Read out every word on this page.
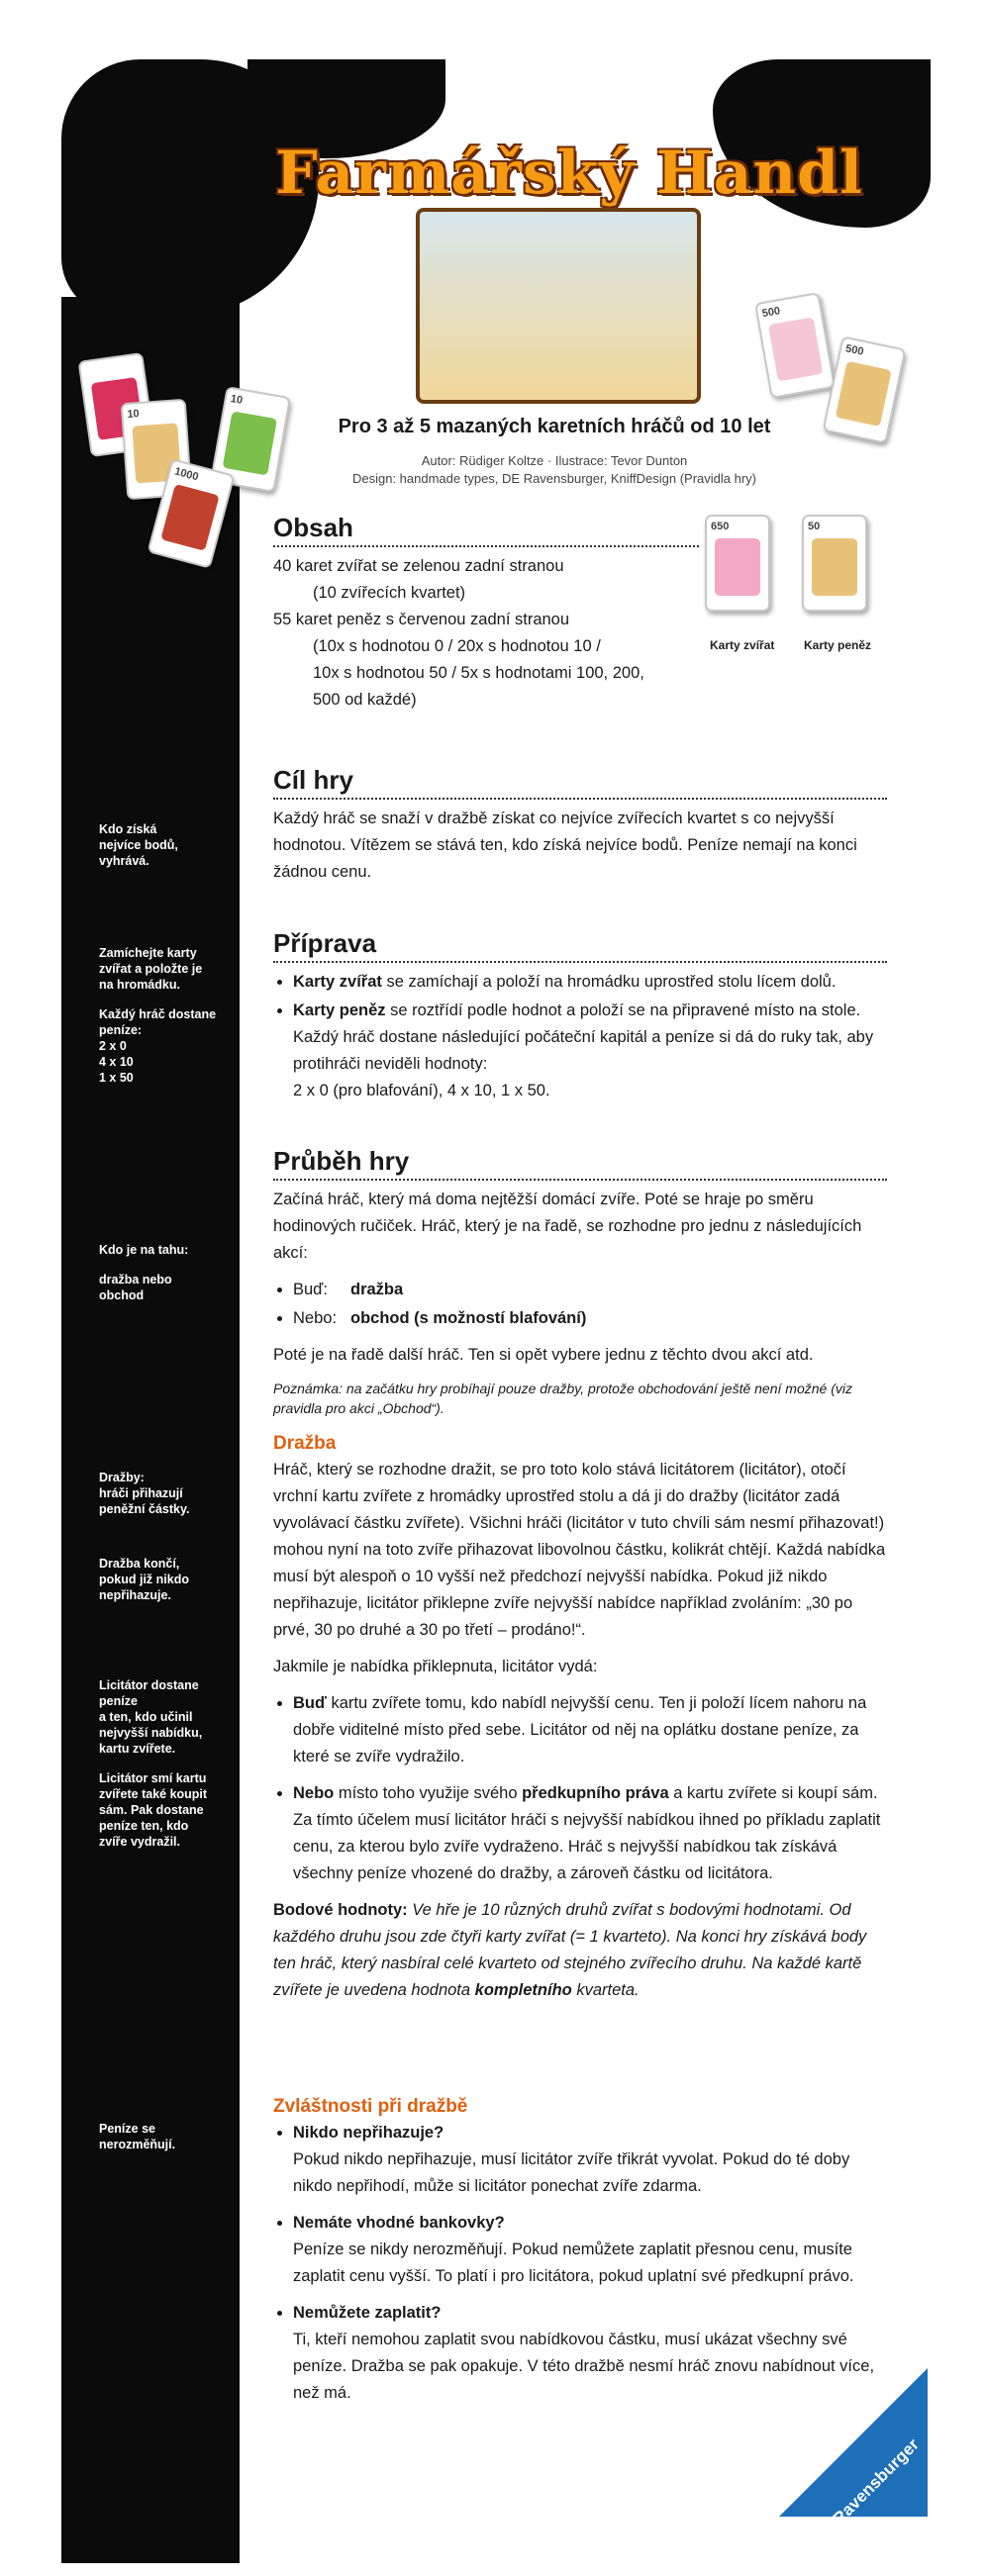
Farmářský Handl
500
500
10
10
1000
Pro 3 až 5 mazaných karetních hráčů od 10 let
Autor: Rüdiger Koltze · Ilustrace: Tevor Dunton
Design: handmade types, DE Ravensburger, KniffDesign (Pravidla hry)
650	50
Karty zvířat Karty peněz

Kdo získá
nejvíce bodů,
vyhrává.

Zamíchejte karty
zvířat a položte je
na hromádku.

Každý hráč dostane
peníze:
2 x 0
4 x 10
1 x 50

Kdo je na tahu:

dražba nebo
obchod

Dražby:
hráči přihazují
peněžní částky.

Dražba končí,
pokud již nikdo
nepřihazuje.

Licitátor dostane
peníze
a ten, kdo učinil
nejvyšší nabídku,
kartu zvířete.

Licitátor smí kartu
zvířete také koupit
sám. Pak dostane
peníze ten, kdo
zvíře vydražil.

Peníze se
nerozměňují.

Obsah
40 karet zvířat se zelenou zadní stranou
(10 zvířecích kvartet)
55 karet peněz s červenou zadní stranou
(10x s hodnotou 0 / 20x s hodnotou 10 /
10x s hodnotou 50 / 5x s hodnotami 100, 200,
500 od každé)
Cíl hry

Každý hráč se snaží v dražbě získat co nejvíce zvířecích kvartet s co nejvyšší hodnotou. Vítězem se stává ten, kdo získá nejvíce bodů. Peníze nemají na konci žádnou cenu.

Příprava
• Karty zvířat se zamíchají a položí na hromádku uprostřed stolu lícem dolů.
• Karty peněz se roztřídí podle hodnot a položí se na připravené místo na stole. Každý hráč dostane následující počáteční kapitál a peníze si dá do ruky tak, aby protihráči neviděli hodnoty:
2 x 0 (pro blafování), 4 x 10, 1 x 50.
Průběh hry

Začíná hráč, který má doma nejtěžší domácí zvíře. Poté se hraje po směru hodinových ručiček. Hráč, který je na řadě, se rozhodne pro jednu z následujících akcí:

• Buď: dražba
• Nebo: obchod (s možností blafování)

Poté je na řadě další hráč. Ten si opět vybere jednu z těchto dvou akcí atd.

Poznámka: na začátku hry probíhají pouze dražby, protože obchodování ještě není možné (viz pravidla pro akci „Obchod“).

Dražba

Hráč, který se rozhodne dražit, se pro toto kolo stává licitátorem (licitátor), otočí vrchní kartu zvířete z hromádky uprostřed stolu a dá ji do dražby (licitátor zadá vyvolávací částku zvířete). Všichni hráči (licitátor v tuto chvíli sám nesmí přihazovat!) mohou nyní na toto zvíře přihazovat libovolnou částku, kolikrát chtějí. Každá nabídka musí být alespoň o 10 vyšší než předchozí nejvyšší nabídka. Pokud již nikdo nepřihazuje, licitátor přiklepne zvíře nejvyšší nabídce například zvoláním: „30 po prvé, 30 po druhé a 30 po třetí – prodáno!“.

Jakmile je nabídka přiklepnuta, licitátor vydá:

• Buď kartu zvířete tomu, kdo nabídl nejvyšší cenu. Ten ji položí lícem nahoru na dobře viditelné místo před sebe. Licitátor od něj na oplátku dostane peníze, za které se zvíře vydražilo.
• Nebo místo toho využije svého předkupního práva a kartu zvířete si koupí sám. Za tímto účelem musí licitátor hráči s nejvyšší nabídkou ihned po příkladu zaplatit cenu, za kterou bylo zvíře vydraženo. Hráč s nejvyšší nabídkou tak získává všechny peníze vhozené do dražby, a zároveň částku od licitátora.

Bodové hodnoty: Ve hře je 10 různých druhů zvířat s bodovými hodnotami. Od každého druhu jsou zde čtyři karty zvířat (= 1 kvarteto). Na konci hry získává body ten hráč, který nasbíral celé kvarteto od stejného zvířecího druhu. Na každé kartě zvířete je uvedena hodnota kompletního kvarteta.

Zvláštnosti při dražbě
• Nikdo nepřihazuje?
Pokud nikdo nepřihazuje, musí licitátor zvíře třikrát vyvolat. Pokud do té doby nikdo nepřihodí, může si licitátor ponechat zvíře zdarma.
• Nemáte vhodné bankovky?
Peníze se nikdy nerozměňují. Pokud nemůžete zaplatit přesnou cenu, musíte zaplatit cenu vyšší. To platí i pro licitátora, pokud uplatní své předkupní právo.
• Nemůžete zaplatit?
Ti, kteří nemohou zaplatit svou nabídkovou částku, musí ukázat všechny své peníze. Dražba se pak opakuje. V této dražbě nesmí hráč znovu nabídnout více, než má.
Ravensburger
